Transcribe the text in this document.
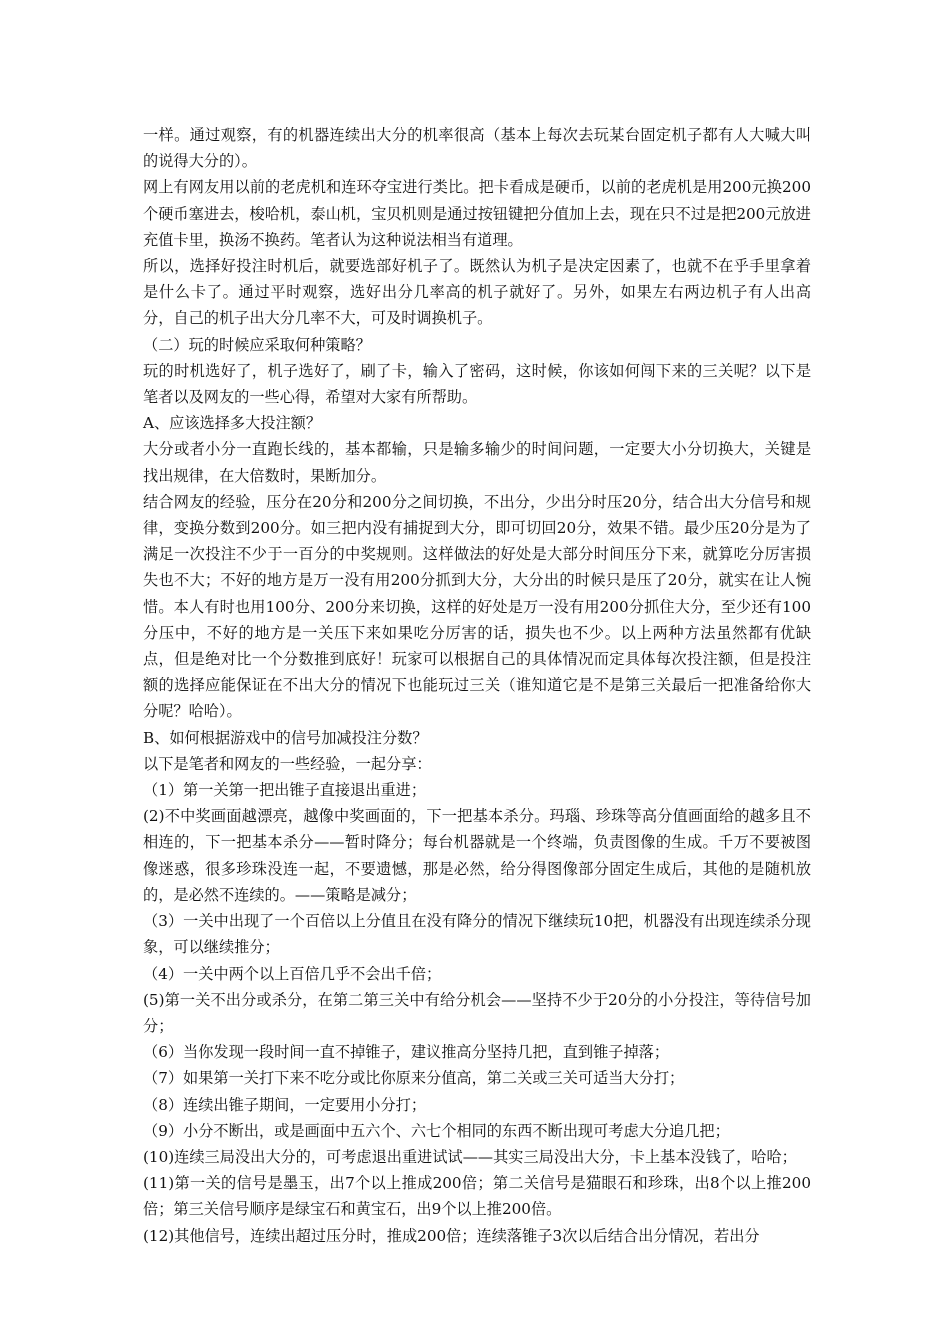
一样。通过观察，有的机器连续出大分的机率很高（基本上每次去玩某台固定机子都有人大喊大叫的说得大分的）。

网上有网友用以前的老虎机和连环夺宝进行类比。把卡看成是硬币，以前的老虎机是用200元换200个硬币塞进去，梭哈机，泰山机，宝贝机则是通过按钮键把分值加上去，现在只不过是把200元放进充值卡里，换汤不换药。笔者认为这种说法相当有道理。

所以，选择好投注时机后，就要选部好机子了。既然认为机子是决定因素了，也就不在乎手里拿着是什么卡了。通过平时观察，选好出分几率高的机子就好了。另外，如果左右两边机子有人出高分，自己的机子出大分几率不大，可及时调换机子。

（二）玩的时候应采取何种策略？

玩的时机选好了，机子选好了，刷了卡，输入了密码，这时候，你该如何闯下来的三关呢？以下是笔者以及网友的一些心得，希望对大家有所帮助。

A、应该选择多大投注额？

大分或者小分一直跑长线的，基本都输，只是输多输少的时间问题，一定要大小分切换大，关键是找出规律，在大倍数时，果断加分。

结合网友的经验，压分在20分和200分之间切换，不出分，少出分时压20分，结合出大分信号和规律，变换分数到200分。如三把内没有捕捉到大分，即可切回20分，效果不错。最少压20分是为了满足一次投注不少于一百分的中奖规则。这样做法的好处是大部分时间压分下来，就算吃分厉害损失也不大；不好的地方是万一没有用200分抓到大分，大分出的时候只是压了20分，就实在让人惋惜。本人有时也用100分、200分来切换，这样的好处是万一没有用200分抓住大分，至少还有100分压中，不好的地方是一关压下来如果吃分厉害的话，损失也不少。以上两种方法虽然都有优缺点，但是绝对比一个分数推到底好！玩家可以根据自己的具体情况而定具体每次投注额，但是投注额的选择应能保证在不出大分的情况下也能玩过三关（谁知道它是不是第三关最后一把准备给你大分呢？哈哈）。

B、如何根据游戏中的信号加减投注分数？

以下是笔者和网友的一些经验，一起分享：

（1）第一关第一把出锥子直接退出重进；

(2)不中奖画面越漂亮，越像中奖画面的，下一把基本杀分。玛瑙、珍珠等高分值画面给的越多且不相连的，下一把基本杀分——暂时降分；每台机器就是一个终端，负责图像的生成。千万不要被图像迷惑，很多珍珠没连一起，不要遗憾，那是必然，给分得图像部分固定生成后，其他的是随机放的，是必然不连续的。——策略是减分；

（3）一关中出现了一个百倍以上分值且在没有降分的情况下继续玩10把，机器没有出现连续杀分现象，可以继续推分；

（4）一关中两个以上百倍几乎不会出千倍；

(5)第一关不出分或杀分，在第二第三关中有给分机会——坚持不少于20分的小分投注，等待信号加分；

（6）当你发现一段时间一直不掉锥子，建议推高分坚持几把，直到锥子掉落；

（7）如果第一关打下来不吃分或比你原来分值高，第二关或三关可适当大分打；

（8）连续出锥子期间，一定要用小分打；

（9）小分不断出，或是画面中五六个、六七个相同的东西不断出现可考虑大分追几把；

(10)连续三局没出大分的，可考虑退出重进试试——其实三局没出大分，卡上基本没钱了，哈哈；

(11)第一关的信号是墨玉，出7个以上推成200倍；第二关信号是猫眼石和珍珠，出8个以上推200倍；第三关信号顺序是绿宝石和黄宝石，出9个以上推200倍。

(12)其他信号，连续出超过压分时，推成200倍；连续落锥子3次以后结合出分情况，若出分
